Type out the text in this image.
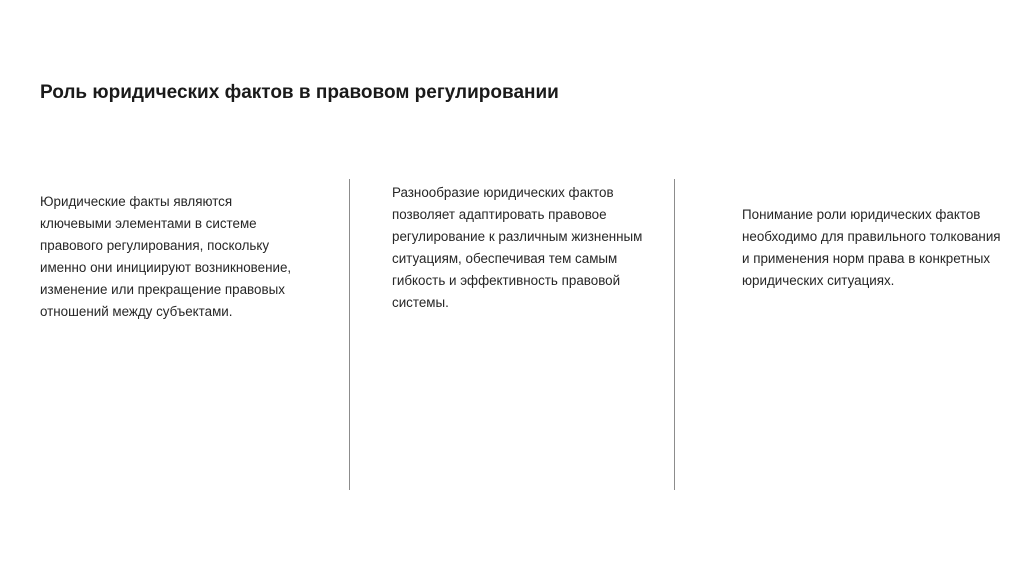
Роль юридических фактов в правовом регулировании

Юридические факты являются ключевыми элементами в системе правового регулирования, поскольку именно они инициируют возникновение, изменение или прекращение правовых отношений между субъектами.

Разнообразие юридических фактов позволяет адаптировать правовое регулирование к различным жизненным ситуациям, обеспечивая тем самым гибкость и эффективность правовой системы.

Понимание роли юридических фактов необходимо для правильного толкования и применения норм права в конкретных юридических ситуациях.
